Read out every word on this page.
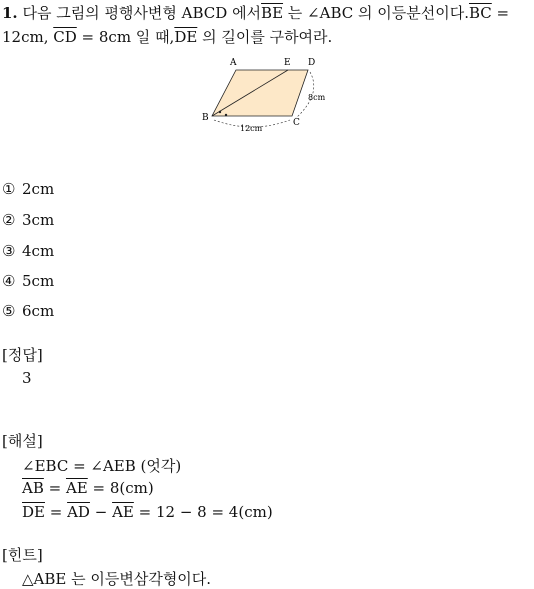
1. 다음 그림의 평행사변형 ABCD 에서$\overline{BE}$ 는 ∠ABC 의 이등분선이다$.\overline{BC}$ =
12cm, $\overline{CD} = 8cm$ 일 때$,\overline{DE}$ 의 길이를 구하여라.
A	E D
B	C
12cm
8cm
① 2cm
② 3cm
③ 4cm
④ 5cm
⑤ 6cm
[정답]
3
[해설]
∠EBC = ∠AEB (엇각)
$\overline{AB} = \overline{AE} = 8(cm)$
$\overline{DE} = \overline{AD} - \overline{AE} = 12 - 8 = 4(cm)$
[힌트]
△ABE 는 이등변삼각형이다.
